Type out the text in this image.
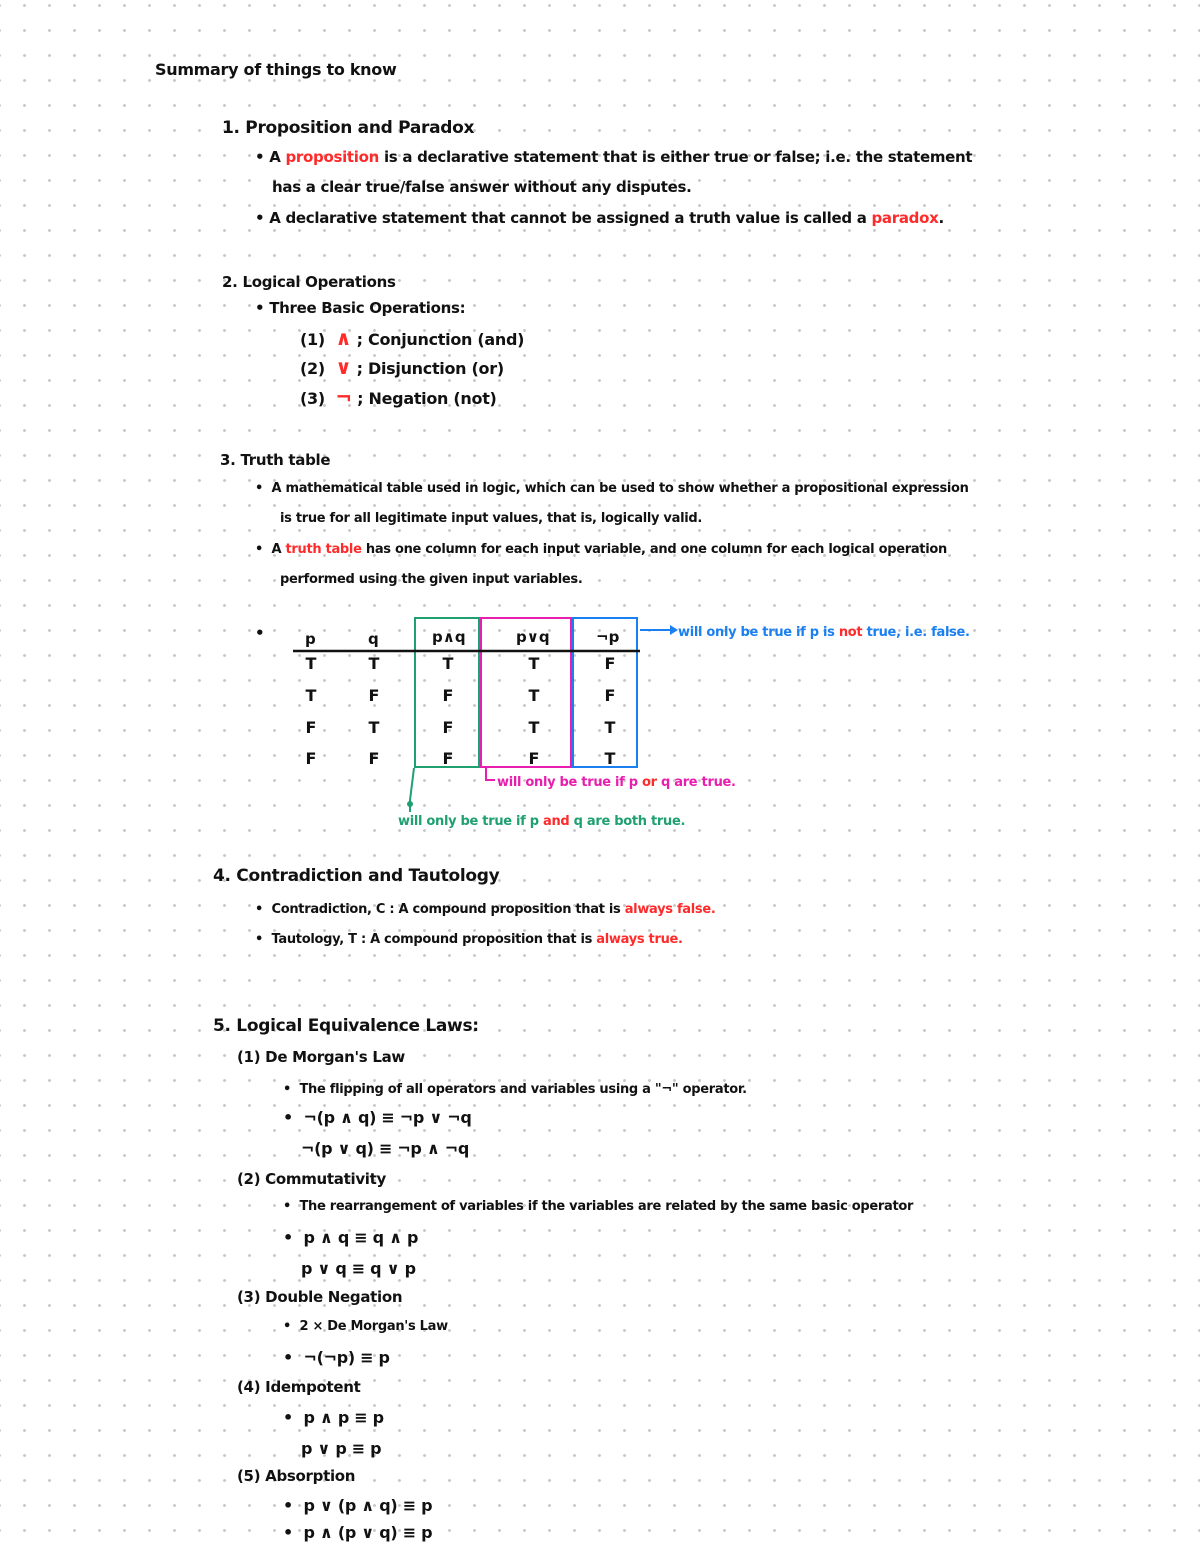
Summary of things to know
1. Proposition and Paradox
• A proposition is a declarative statement that is either true or false; i.e. the statement
has a clear true/false answer without any disputes.
• A declarative statement that cannot be assigned a truth value is called a paradox.
2. Logical Operations
• Three Basic Operations:
(1) ∧ ; Conjunction (and)
(2) ∨ ; Disjunction (or)
(3) ¬ ; Negation (not)
3. Truth table
•  A mathematical table used in logic, which can be used to show whether a propositional expression
is true for all legitimate input values, that is, logically valid.
•  A truth table has one column for each input variable, and one column for each logical operation
performed using the given input variables.
•	p	q	p∧q	p∨q	¬p
T	T	T	T	F
T	F	F	T	F
F	T	F	T	T
F	F	F	F	T
will only be true if p is not true, i.e. false.
will only be true if p or q are true.
will only be true if p and q are both true.
4. Contradiction and Tautology
•  Contradiction, C : A compound proposition that is always false.
•  Tautology, T : A compound proposition that is always true.
5. Logical Equivalence Laws:
(1) De Morgan's Law
•  The flipping of all operators and variables using a "¬" operator.
•  ¬(p ∧ q) ≡ ¬p ∨ ¬q
¬(p ∨ q) ≡ ¬p ∧ ¬q
(2) Commutativity
•  The rearrangement of variables if the variables are related by the same basic operator
•  p ∧ q ≡ q ∧ p
p ∨ q ≡ q ∨ p
(3) Double Negation
•  2 × De Morgan's Law
•  ¬(¬p) ≡ p
(4) Idempotent
•  p ∧ p ≡ p
p ∨ p ≡ p
(5) Absorption
•  p ∨ (p ∧ q) ≡ p
•  p ∧ (p ∨ q) ≡ p
